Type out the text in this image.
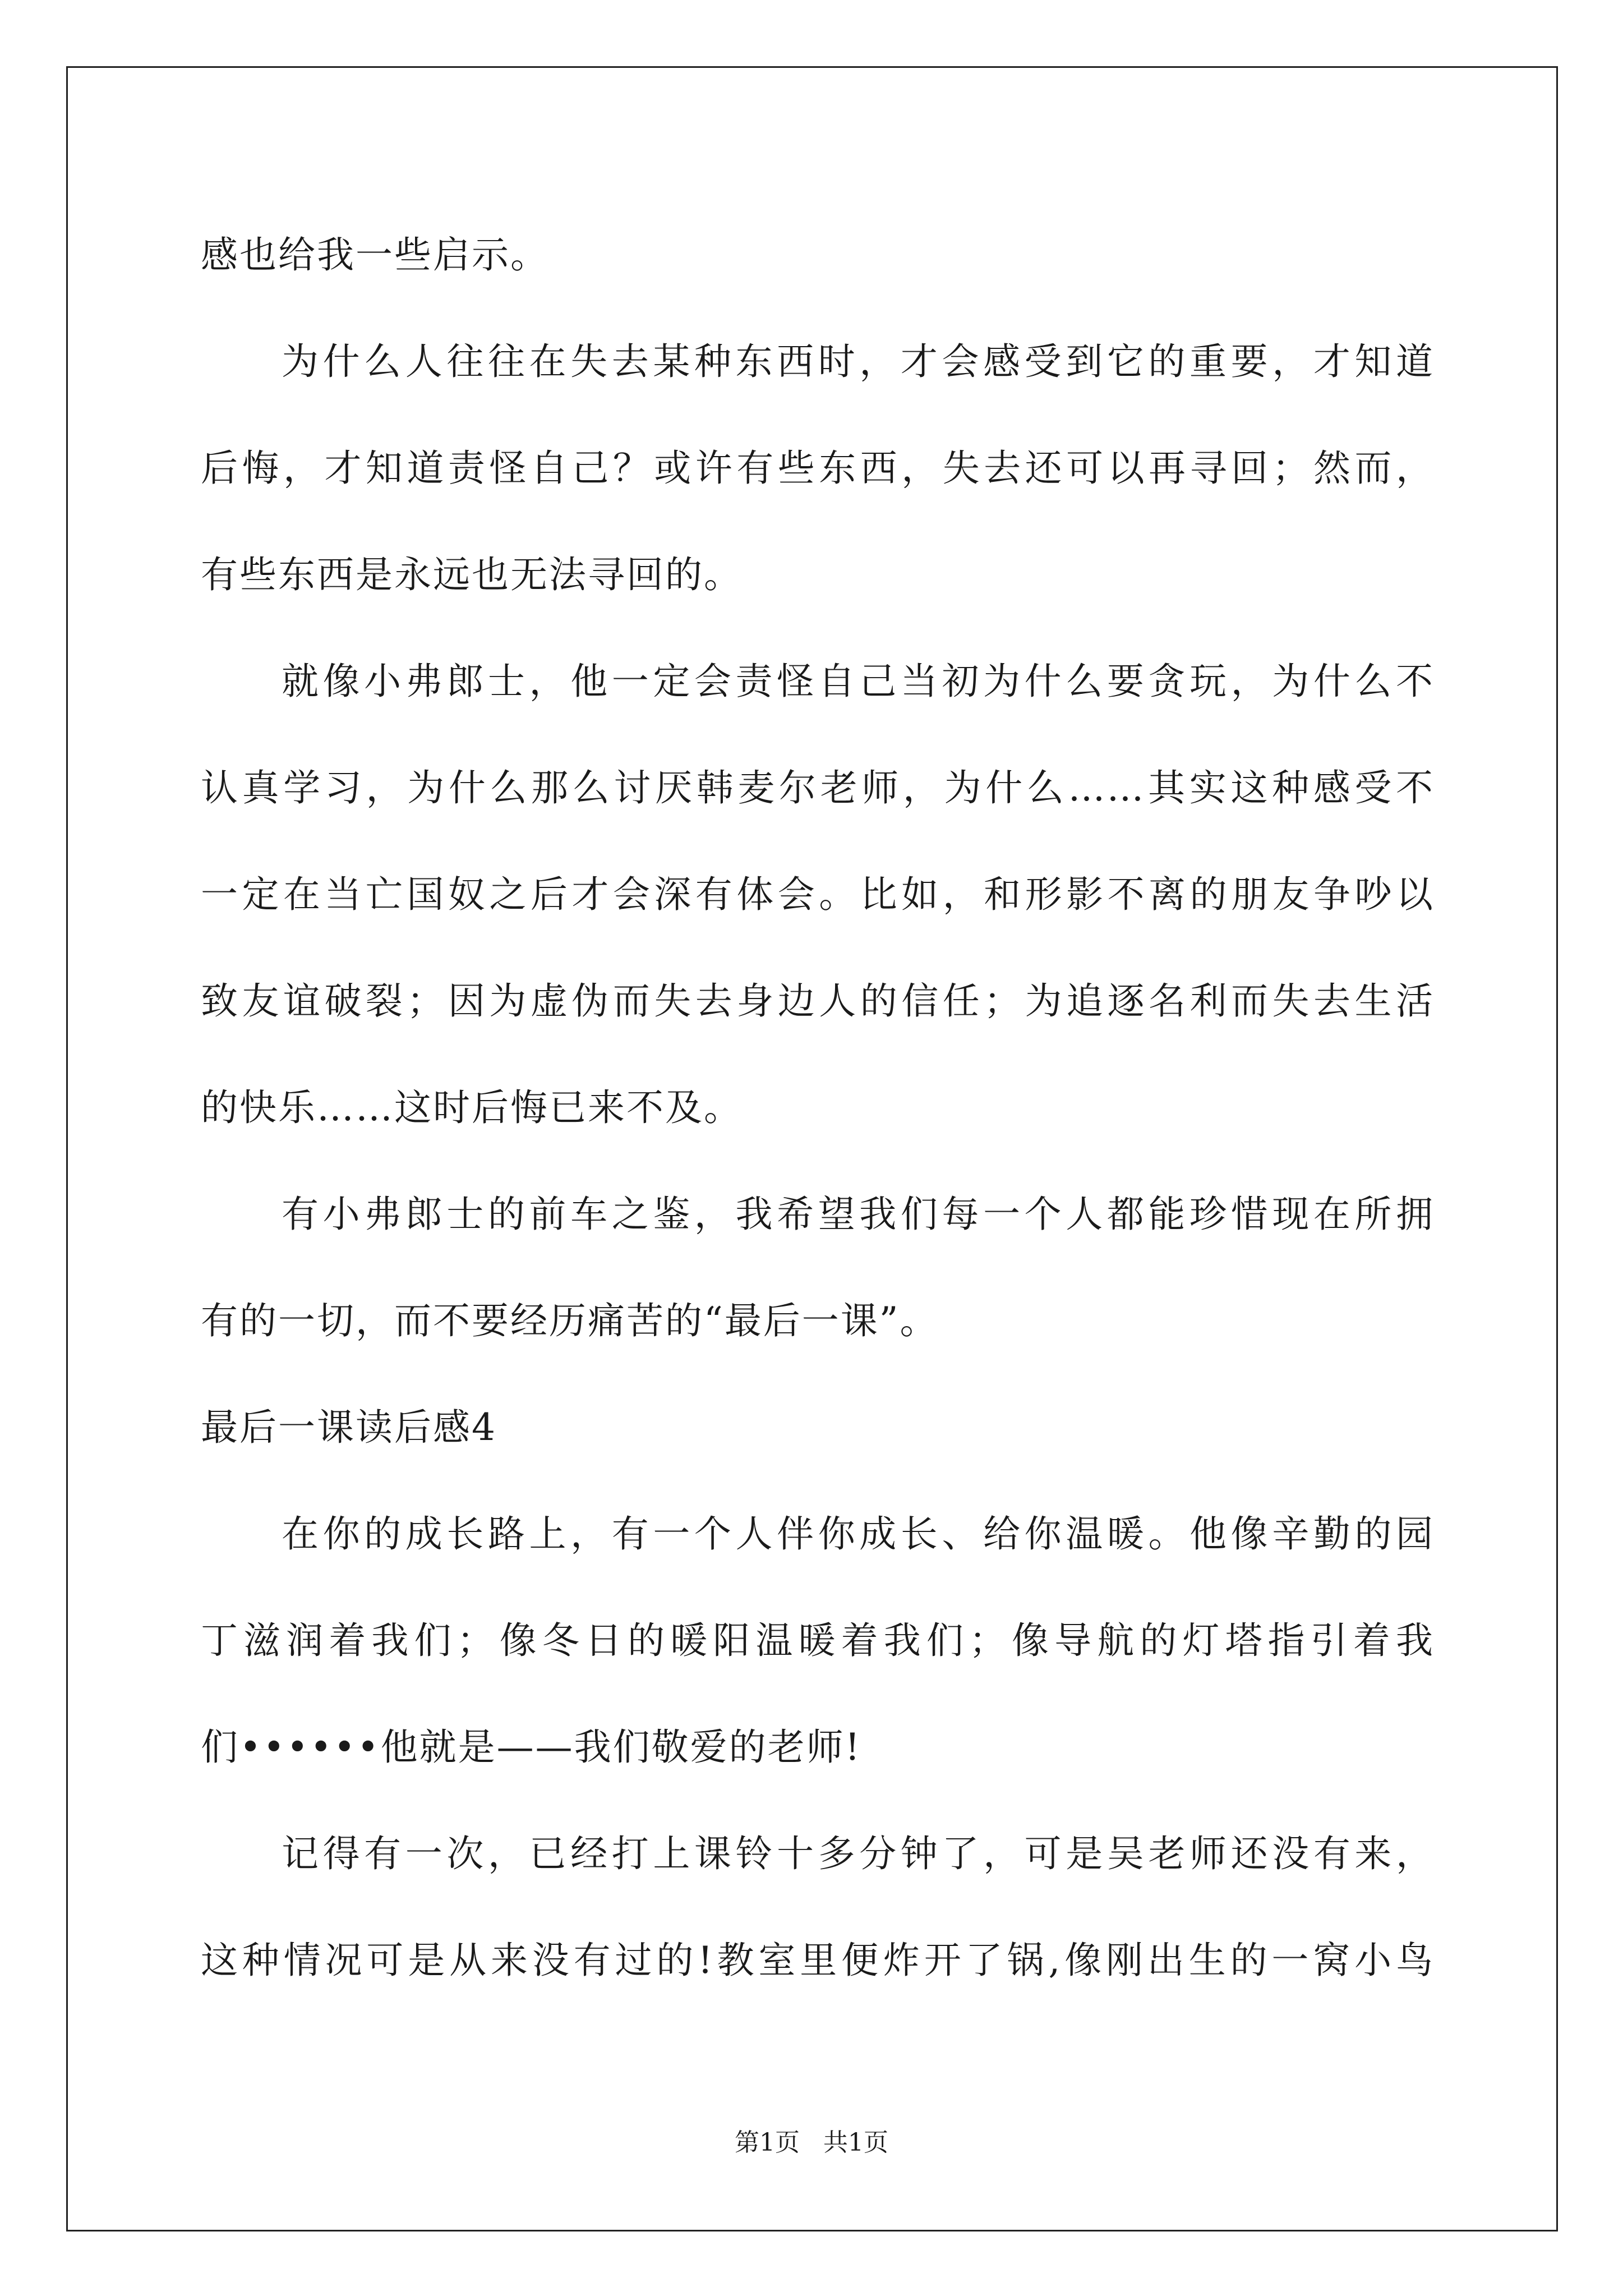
感也给我一些启示。
为什么人往往在失去某种东西时，才会感受到它的重要，才知道
后悔，才知道责怪自己？或许有些东西，失去还可以再寻回；然而，
有些东西是永远也无法寻回的。
就像小弗郎士，他一定会责怪自己当初为什么要贪玩，为什么不
认真学习，为什么那么讨厌韩麦尔老师，为什么……其实这种感受不
一定在当亡国奴之后才会深有体会。比如，和形影不离的朋友争吵以
致友谊破裂；因为虚伪而失去身边人的信任；为追逐名利而失去生活
的快乐……这时后悔已来不及。
有小弗郎士的前车之鉴，我希望我们每一个人都能珍惜现在所拥
有的一切，而不要经历痛苦的“最后一课”。
最后一课读后感4
在你的成长路上，有一个人伴你成长、给你温暖。他像辛勤的园
丁滋润着我们；像冬日的暖阳温暖着我们；像导航的灯塔指引着我
们••••••他就是——我们敬爱的老师!
记得有一次，已经打上课铃十多分钟了，可是吴老师还没有来，
这种情况可是从来没有过的!教室里便炸开了锅,像刚出生的一窝小鸟
第1页   共1页
